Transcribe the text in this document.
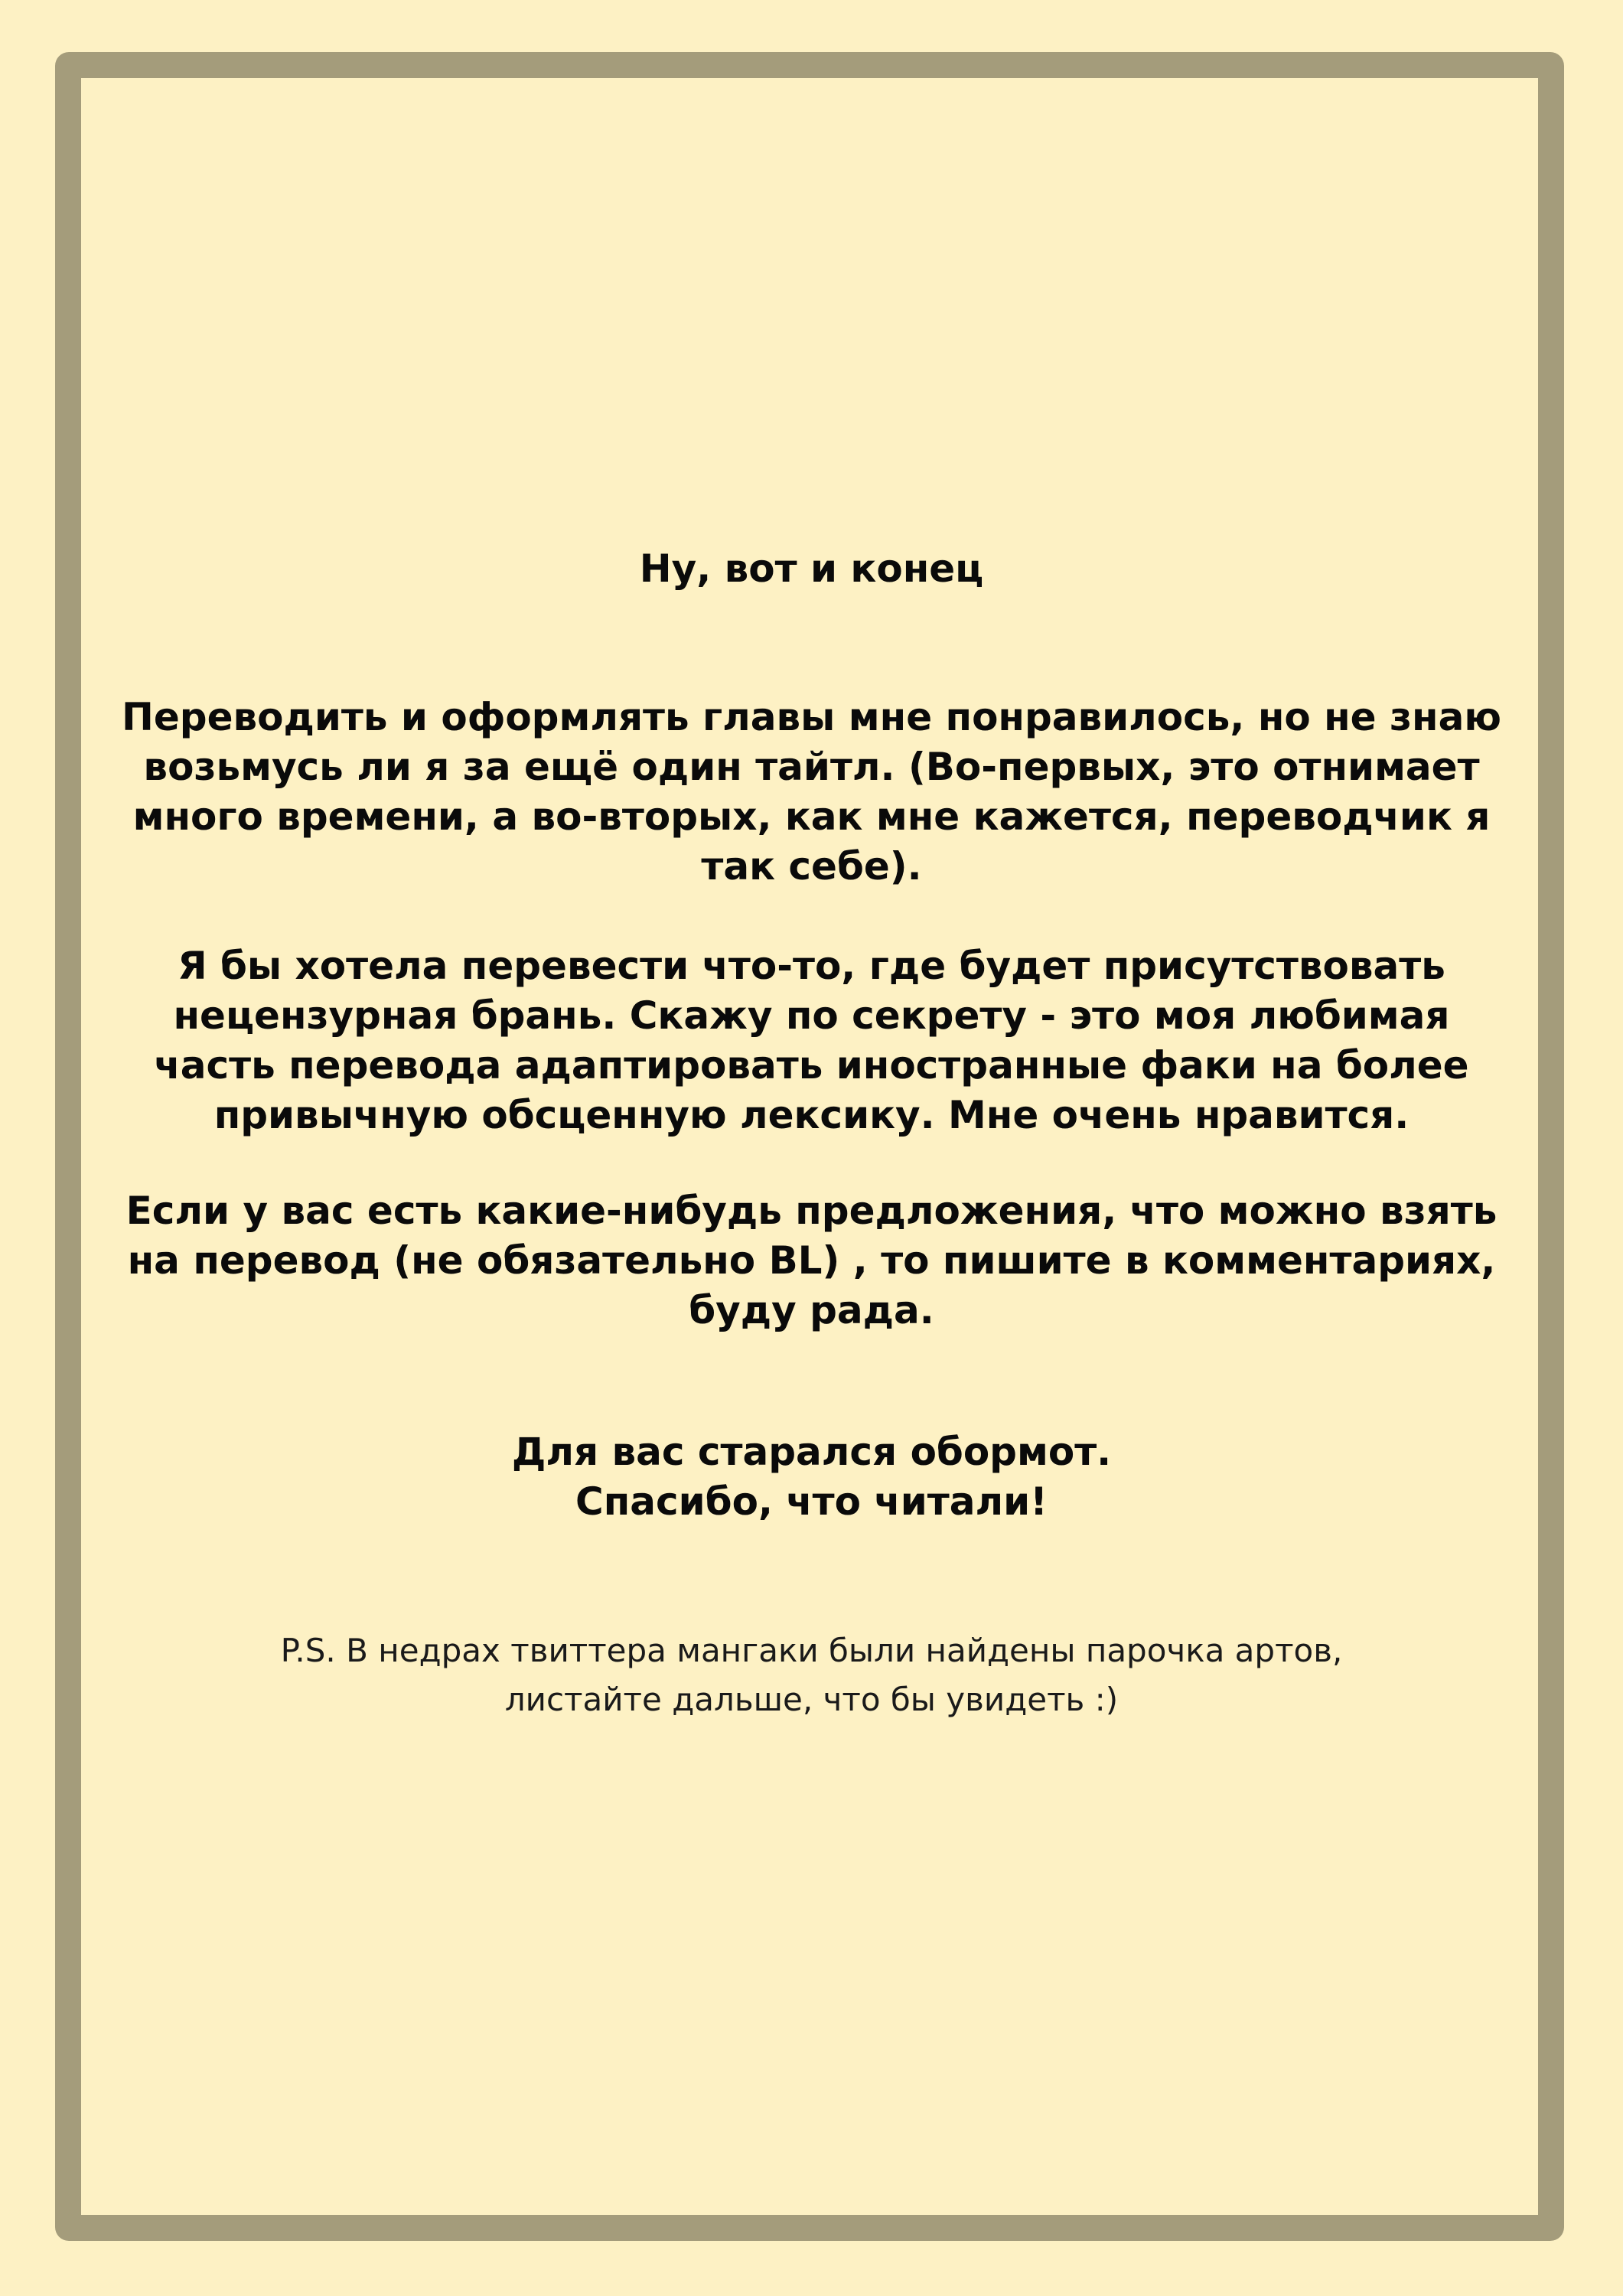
Ну, вот и конец

Переводить и оформлять главы мне понравилось, но не знаю возьмусь ли я за ещё один тайтл. (Во-первых, это отнимает много времени, а во-вторых, как мне кажется, переводчик я так себе).

Я бы хотела перевести что-то, где будет присутствовать нецензурная брань. Скажу по секрету - это моя любимая часть перевода адаптировать иностранные факи на более привычную обсценную лексику. Мне очень нравится.

Если у вас есть какие-нибудь предложения, что можно взять на перевод (не обязательно BL) , то пишите в комментариях, буду рада.

Для вас старался обормот.
Спасибо, что читали!
P.S. В недрах твиттера мангаки были найдены парочка артов,
листайте дальше, что бы увидеть :)
